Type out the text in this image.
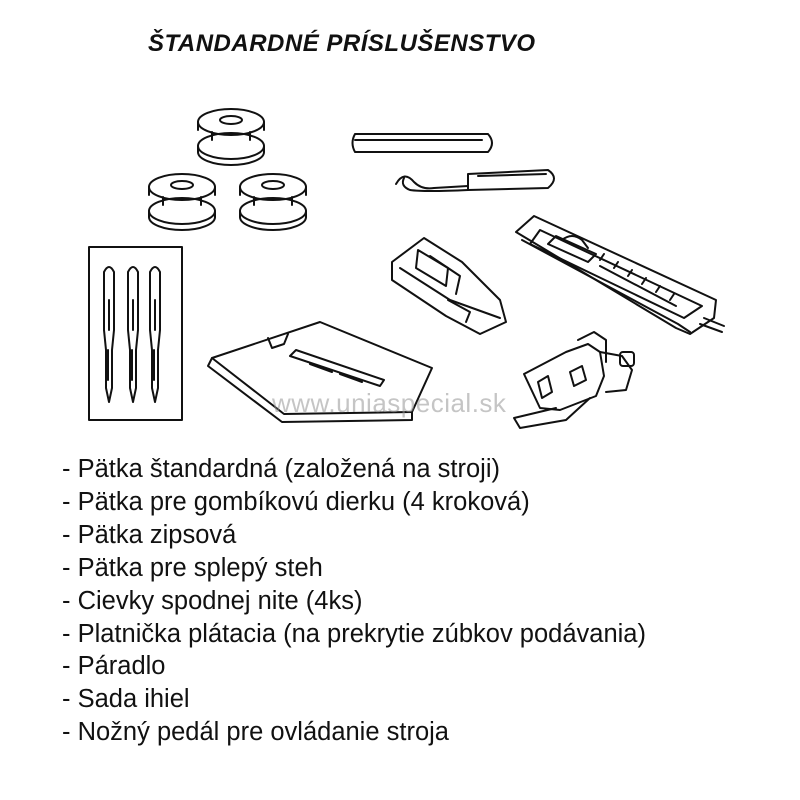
ŠTANDARDNÉ PRÍSLUŠENSTVO
www.uniaspecial.sk
- Pätka štandardná (založená na stroji)
- Pätka pre gombíkovú dierku (4 kroková)
- Pätka zipsová
- Pätka pre splepý steh
- Cievky spodnej nite (4ks)
- Platnička plátacia (na prekrytie zúbkov podávania)
- Páradlo
- Sada ihiel
- Nožný pedál pre ovládanie stroja
